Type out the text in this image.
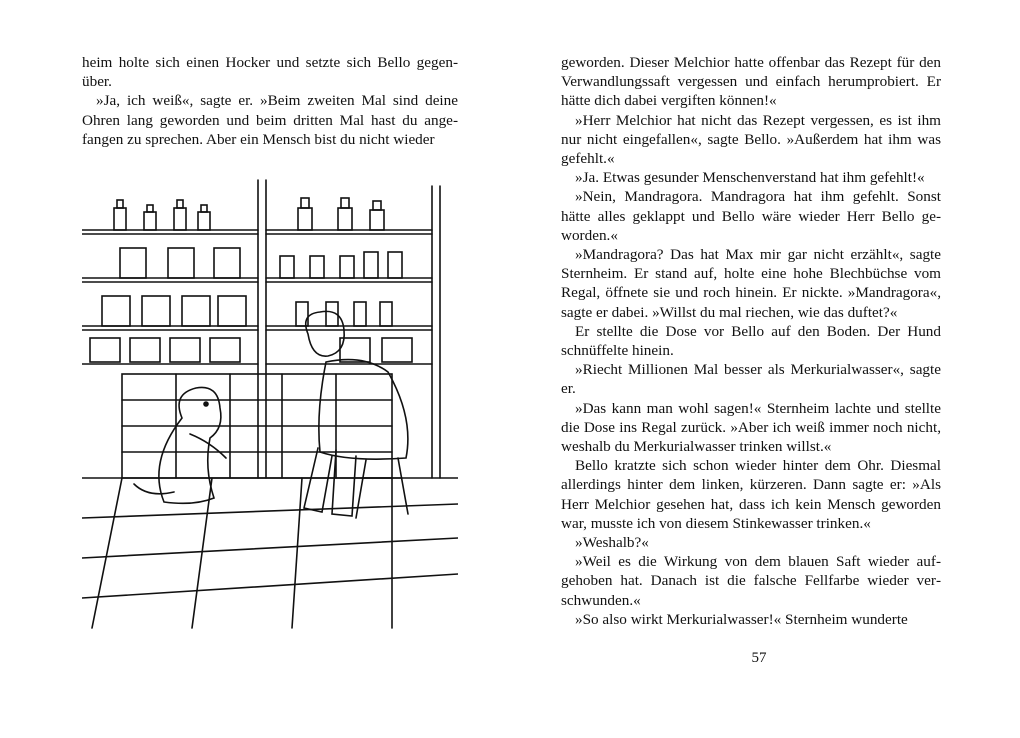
heim holte sich einen Hocker und setzte sich Bello gegenüber.

»Ja, ich weiß«, sagte er. »Beim zweiten Mal sind deine Ohren lang geworden und beim dritten Mal hast du angefangen zu sprechen. Aber ein Mensch bist du nicht wieder

geworden. Dieser Melchior hatte offenbar das Rezept für den Verwandlungssaft vergessen und einfach herumprobiert. Er hätte dich dabei vergiften können!«

»Herr Melchior hat nicht das Rezept vergessen, es ist ihm nur nicht eingefallen«, sagte Bello. »Außerdem hat ihm was gefehlt.«

»Ja. Etwas gesunder Menschenverstand hat ihm gefehlt!«

»Nein, Mandragora. Mandragora hat ihm gefehlt. Sonst hätte alles geklappt und Bello wäre wieder Herr Bello geworden.«

»Mandragora? Das hat Max mir gar nicht erzählt«, sagte Sternheim. Er stand auf, holte eine hohe Blechbüchse vom Regal, öffnete sie und roch hinein. Er nickte. »Mandragora«, sagte er dabei. »Willst du mal riechen, wie das duftet?«

Er stellte die Dose vor Bello auf den Boden. Der Hund schnüffelte hinein.

»Riecht Millionen Mal besser als Merkurialwasser«, sagte er.

»Das kann man wohl sagen!« Sternheim lachte und stellte die Dose ins Regal zurück. »Aber ich weiß immer noch nicht, weshalb du Merkurialwasser trinken willst.«

Bello kratzte sich schon wieder hinter dem Ohr. Diesmal allerdings hinter dem linken, kürzeren. Dann sagte er: »Als Herr Melchior gesehen hat, dass ich kein Mensch geworden war, musste ich von diesem Stinkewasser trinken.«

»Weshalb?«

»Weil es die Wirkung von dem blauen Saft wieder aufgehoben hat. Danach ist die falsche Fellfarbe wieder verschwunden.«

»So also wirkt Merkurialwasser!« Sternheim wunderte

57
